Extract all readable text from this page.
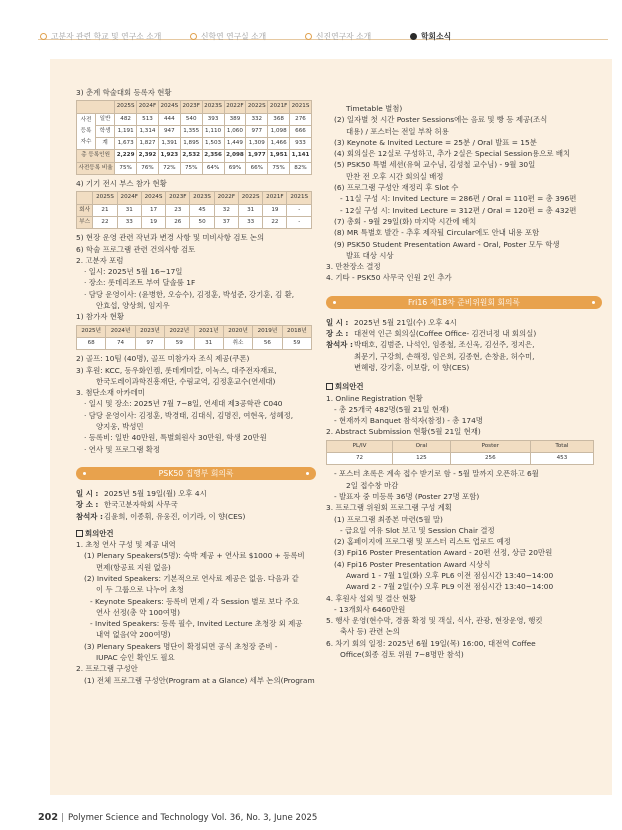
고분자 관련 학교 및 연구소 소개	신학연 연구실 소개	신진연구자 소개	학회소식
3) 춘계 학술대회 등록자 현황
		2025S	2024F	2024S	2023F	2023S	2022F	2022S	2021F	2021S
사전등록자수	일반	482	513	444	540	393	389	332	368	276
	학생	1,191	1,314	947	1,355	1,110	1,060	977	1,098	666
	계	1,673	1,827	1,391	1,895	1,503	1,449	1,309	1,466	933
총 등록인원		2,229	2,392	1,923	2,532	2,356	2,098	1,977	1,951	1,141
사전등록 비율		75%	76%	72%	75%	64%	69%	66%	75%	82%
4) 기기 전시 부스 참가 현황
	2025S	2024F	2024S	2023F	2023S	2022F	2022S	2021F	2021S
회사	21	31	17	23	45	32	31	19	-
부스	22	33	19	26	50	37	33	22	-
5) 현장 운영 관련 작년과 변경 사항 및 미비사항 검토 논의
6) 학술 프로그램 관련 건의사항 검토
2. 고분자 포럼
· 일시: 2025년 5월 16~17일
· 장소: 롯데리조트 부여 달솔룸 1F
· 담당 운영이사: (윤병한, 오승수), 김정훈, 박성준, 강기훈, 김 환,
안효섭, 양상희, 임지우
1) 참가자 현황
2025년	2024년	2023년	2022년	2021년	2020년	2019년	2018년
68	74	97	59	31	취소	56	59
2) 골프: 10팀 (40명), 골프 미참가자 조식 제공(쿠폰)
3) 후원: KCC, 동우화인켐, 롯데케미칼, 이녹스, 대주전자재료,
한국도레이과학진흥재단, 수림교역, 김정훈교수(연세대)
3. 첨단소재 아카데미
· 일시 및 장소: 2025년 7월 7~8일, 연세대 제3공학관 C040
· 담당 운영이사: 김정훈, 박경태, 김대식, 김명진, 여현욱, 성혜정,
양지웅, 박성민
· 등록비: 일반 40만원, 특별회원사 30만원, 학생 20만원
· 연사 및 프로그램 확정
PSK50 집행부 회의록
일 시 : 2025년 5월 19일(월) 오후 4시
장 소 : 한국고분자학회 사무국
참석자 :김윤희, 이종휘, 유웅진, 이기라, 이 향(CES)
회의안건
1. 초청 연사 구성 및 제공 내역
(1) Plenary Speakers(5명): 숙박 제공 + 연사료 $1000 + 등록비
면제(항공료 지원 없음)
(2) Invited Speakers: 기본적으로 연사료 제공은 없음. 다음과 같
이 두 그룹으로 나누어 초청
- Keynote Speakers: 등록비 면제 / 각 Session 별로 보다 주요
연사 선정(총 약 100여명)
- Invited Speakers: 등록 필수, Invited Lecture 초청장 외 제공
내역 없음(약 200여명)
(3) Plenary Speakers 명단이 확정되면 공식 초청장 준비 -
IUPAC 승인 확인도 필요
2. 프로그램 구성안
(1) 전체 프로그램 구성안(Program at a Glance) 세부 논의(Program
Timetable 별첨)
(2) 일자별 첫 시간 Poster Sessions에는 음료 및 빵 등 제공(조식
대용) / 포스터는 전일 부착 허용
(3) Keynote & Invited Lecture = 25분 / Oral 발표 = 15분
(4) 회의실은 12실로 구성하고, 추가 2실은 Special Session용으로 배치
(5) PSK50 특별 세션(유혁 교수님, 김성철 교수님) - 9월 30일
만찬 전 오후 시간 회의실 배정
(6) 프로그램 구성안 재정리 후 Slot 수
- 11실 구성 시: Invited Lecture = 286편 / Oral = 110편 = 총 396편
- 12실 구성 시: Invited Lecture = 312편 / Oral = 120편 = 총 432편
(7) 총회 - 9월 29일(화) 마지막 시간에 배치
(8) MR 특별호 발간 - 추후 제작될 Circular에도 안내 내용 포함
(9) PSK50 Student Presentation Award - Oral, Poster 모두 학생
발표 대상 시상
3. 만찬장소 결정
4. 기타 - PSK50 사무국 인원 2인 추가
Fri16 제18차 준비위원회 회의록
일 시 : 2025년 5월 21일(수) 오후 4시
장 소 : 대전역 인근 회의실(Coffee Office- 김건녀정 내 회의실)
참석자 :박태호, 김범준, 나석인, 임종철, 조신욱, 김선주, 정지은,
최문기, 구강희, 손해정, 임은희, 김종현, 손창윤, 허수미,
변혜령, 강기훈, 이보람, 이 향(CES)
회의안건
1. Online Registration 현황
- 총 25개국 482명(5월 21일 현재)
- 현재까지 Banquet 참석자(참정) - 총 174명
2. Abstract Submission 현황(5월 21일 현재)
PL/IV	Oral	Poster	Total
72	125	256	453
- 포스터 초록은 계속 접수 받기로 함 - 5월 말까지 오픈하고 6월
2일 접수창 마감
- 발표자 중 미등록 36명 (Poster 27명 포함)
3. 프로그램 위원회 프로그램 구성 계획
(1) 프로그램 최종본 마련(5월 말)
- 급요일 여유 Slot 보고 및 Session Chair 결정
(2) 홈페이지에 프로그램 및 포스터 리스트 업로드 예정
(3) Fpi16 Poster Presentation Award - 20편 선정, 상금 20만원
(4) Fpi16 Poster Presentation Award 시상식
Award 1 - 7월 1일(화) 오후 PL6 이전 점심시간 13:40~14:00
Award 2 - 7월 2일(수) 오후 PL9 이전 점심시간 13:40~14:00
4. 후원사 섭외 및 결산 현황
- 13개회사 6460만원
5. 행사 운영(현수막, 경품 확정 및 객실, 식사, 관광, 현장운영, 행킷
축사 등) 관련 논의
6. 차기 회의 일정: 2025년 6월 19일(목) 16:00, 대전역 Coffee
Office(회종 검토 위원 7~8명만 참석)
202 Polymer Science and Technology Vol. 36, No. 3, June 2025
